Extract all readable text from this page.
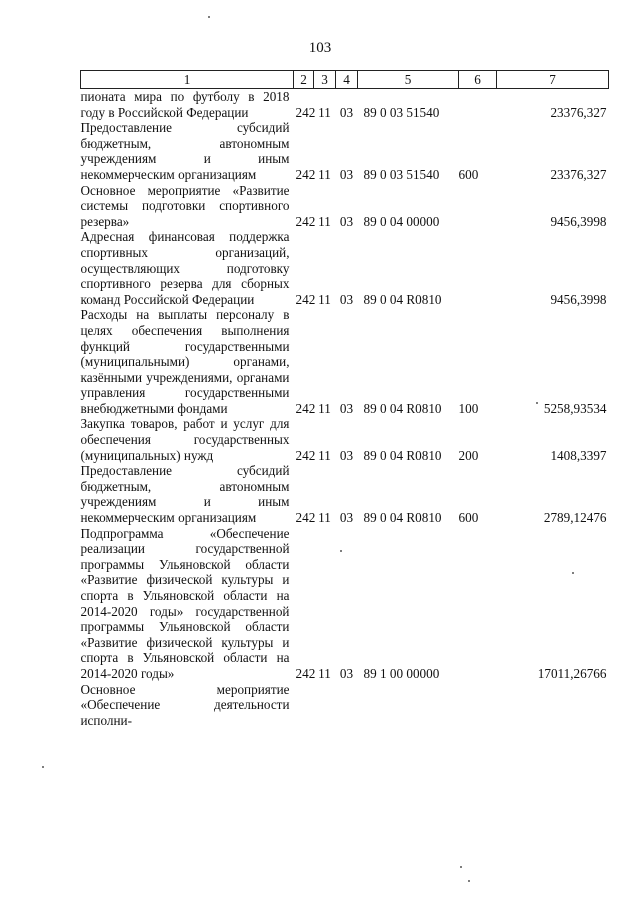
103
1	2	3	4	5	6	7
пионата мира по футболу в 2018 году в Российской Федерации	242	11	03	89 0 03 51540		23376,327
Предоставление субсидий бюджетным, автономным учреждениям и иным некоммерческим организациям	242	11	03	89 0 03 51540	600	23376,327
Основное мероприятие «Развитие системы подготовки спортивного резерва»	242	11	03	89 0 04 00000		9456,3998
Адресная финансовая поддержка спортивных организаций, осуществляющих подготовку спортивного резерва для сборных команд Российской Федерации	242	11	03	89 0 04 R0810		9456,3998
Расходы на выплаты персоналу в целях обеспечения выполнения функций государственными (муниципальными) органами, казёнными учреждениями, органами управления государственными внебюджетными фондами	242	11	03	89 0 04 R0810	100	5258,93534
Закупка товаров, работ и услуг для обеспечения государственных (муниципальных) нужд	242	11	03	89 0 04 R0810	200	1408,3397
Предоставление субсидий бюджетным, автономным учреждениям и иным некоммерческим организациям	242	11	03	89 0 04 R0810	600	2789,12476
Подпрограмма «Обеспечение реализации государственной программы Ульяновской области «Развитие физической культуры и спорта в Ульяновской области на 2014-2020 годы» государственной программы Ульяновской области «Развитие физической культуры и спорта в Ульяновской области на 2014-2020 годы»	242	11	03	89 1 00 00000		17011,26766
Основное мероприятие «Обеспечение деятельности исполни-						
